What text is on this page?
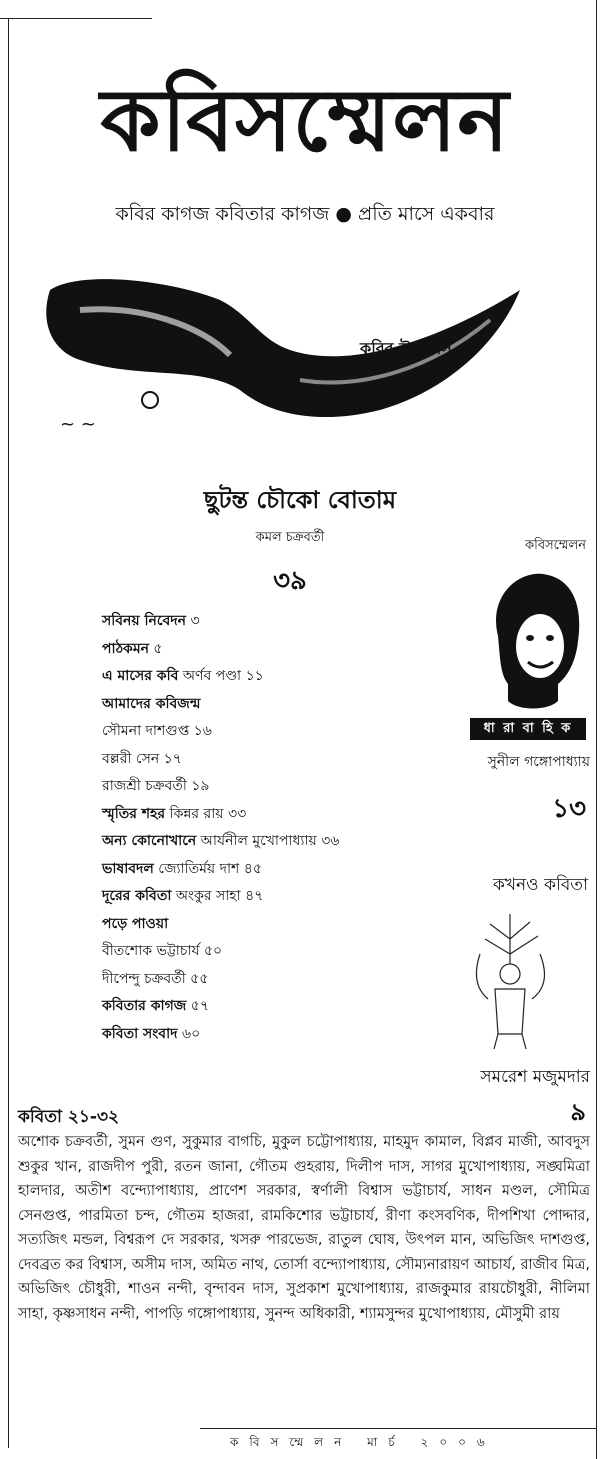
কবিসম্মেলন
কবির কাগজ কবিতার কাগজ ● প্রতি মাসে একবার
~ ~
কবির উপন্যাস
ছুটন্ত চৌকো বোতাম
কমল চক্রবর্তী
৩৯
সবিনয় নিবেদন ৩
পাঠকমন ৫
এ মাসের কবি অর্ণব পণ্ডা ১১
আমাদের কবিজন্ম
সৌমনা দাশগুপ্ত ১৬
বল্লরী সেন ১৭
রাজশ্রী চক্রবর্তী ১৯
স্মৃতির শহর কিন্নর রায় ৩৩
অন্য কোনোখানে আর্যনীল মুখোপাধ্যায় ৩৬
ভাষাবদল জ্যোতির্ময় দাশ ৪৫
দূরের কবিতা অংকুর সাহা ৪৭
পড়ে পাওয়া
বীতশোক ভট্টাচার্য ৫০
দীপেন্দু চক্রবর্তী ৫৫
কবিতার কাগজ ৫৭
কবিতা সংবাদ ৬০
কবিসম্মেলন
ধা রা বা হি ক
সুনীল গঙ্গোপাধ্যায়
১৩
কখনও কবিতা
সমরেশ মজুমদার
৯
কবিতা ২১-৩২
অশোক চক্রবর্তী, সুমন গুণ, সুকুমার বাগচি, মুকুল চট্টোপাধ্যায়, মাহমুদ কামাল, বিপ্লব মাজী, আবদুস শুকুর খান, রাজদীপ পুরী, রতন জানা, গৌতম গুহরায়, দিলীপ দাস, সাগর মুখোপাধ্যায়, সঙ্ঘমিত্রা হালদার, অতীশ বন্দ্যোপাধ্যায়, প্রাণেশ সরকার, স্বর্ণালী বিশ্বাস ভট্টাচার্য, সাধন মণ্ডল, সৌমিত্র সেনগুপ্ত, পারমিতা চন্দ, গৌতম হাজরা, রামকিশোর ভট্টাচার্য, রীণা কংসবণিক, দীপশিখা পোদ্দার, সত্যজিৎ মন্ডল, বিশ্বরূপ দে সরকার, খসরু পারভেজ, রাতুল ঘোষ, উৎপল মান, অভিজিৎ দাশগুপ্ত, দেবব্রত কর বিশ্বাস, অসীম দাস, অমিত নাথ, তোর্সা বন্দ্যোপাধ্যায়, সৌম্যনারায়ণ আচার্য, রাজীব মিত্র, অভিজিৎ চৌধুরী, শাওন নন্দী, বৃন্দাবন দাস, সুপ্রকাশ মুখোপাধ্যায়, রাজকুমার রায়চৌধুরী, নীলিমা সাহা, কৃষ্ণসাধন নন্দী, পাপড়ি গঙ্গোপাধ্যায়, সুনন্দ অধিকারী, শ্যামসুন্দর মুখোপাধ্যায়, মৌসুমী রায়
কবিসম্মেলন মার্চ ২০০৬
